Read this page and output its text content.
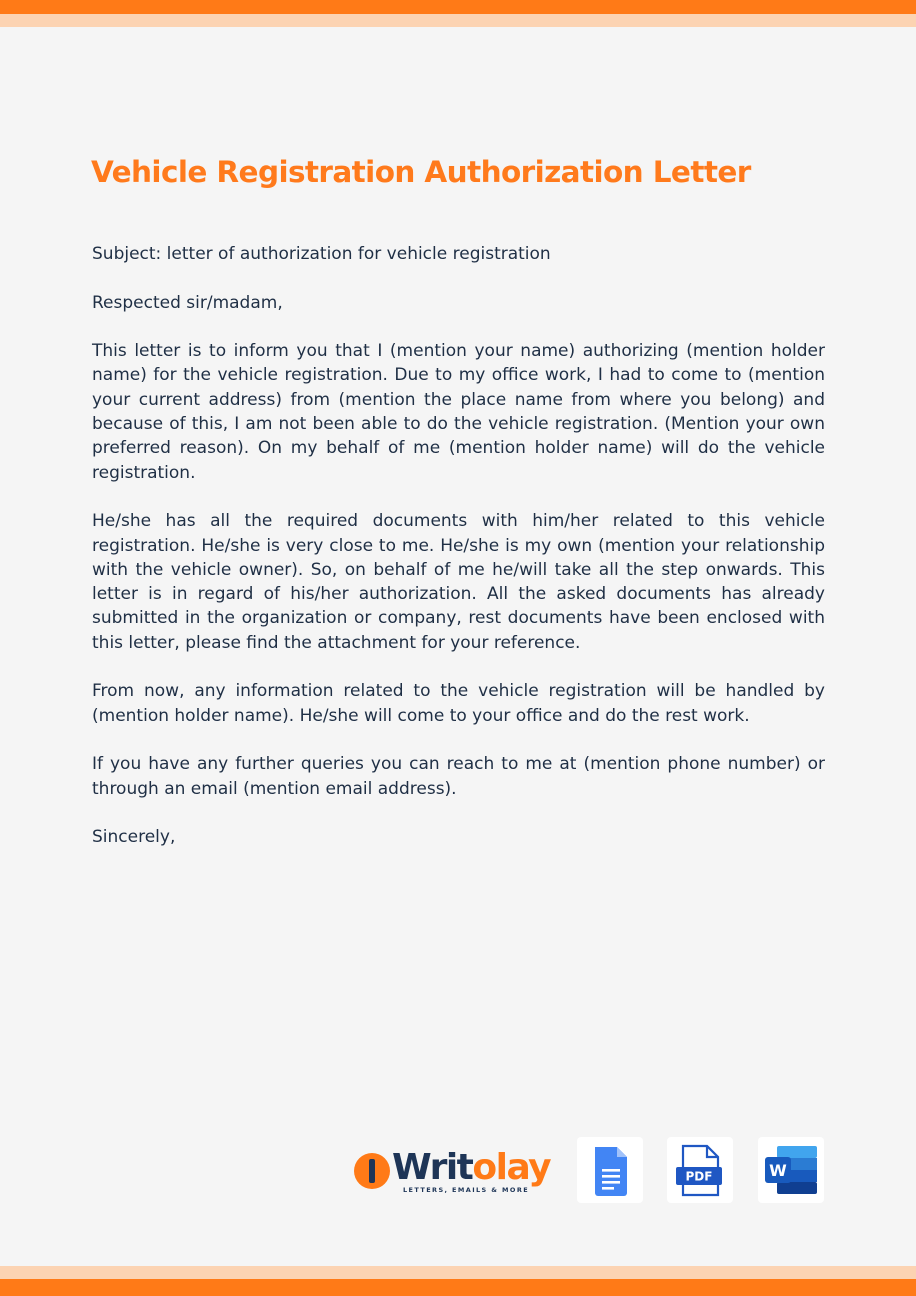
Vehicle Registration Authorization Letter

Subject: letter of authorization for vehicle registration

Respected sir/madam,

This letter is to inform you that I (mention your name) authorizing (mention holder name) for the vehicle registration. Due to my office work, I had to come to (mention your current address) from (mention the place name from where you belong) and because of this, I am not been able to do the vehicle registration. (Mention your own preferred reason). On my behalf of me (mention holder name) will do the vehicle registration.

He/she has all the required documents with him/her related to this vehicle registration. He/she is very close to me. He/she is my own (mention your relationship with the vehicle owner). So, on behalf of me he/will take all the step onwards. This letter is in regard of his/her authorization. All the asked documents has already submitted in the organization or company, rest documents have been enclosed with this letter, please find the attachment for your reference.

From now, any information related to the vehicle registration will be handled by (mention holder name). He/she will come to your office and do the rest work.

If you have any further queries you can reach to me at (mention phone number) or through an email (mention email address).

Sincerely,

Writolay
LETTERS, EMAILS & MORE
PDF	W
